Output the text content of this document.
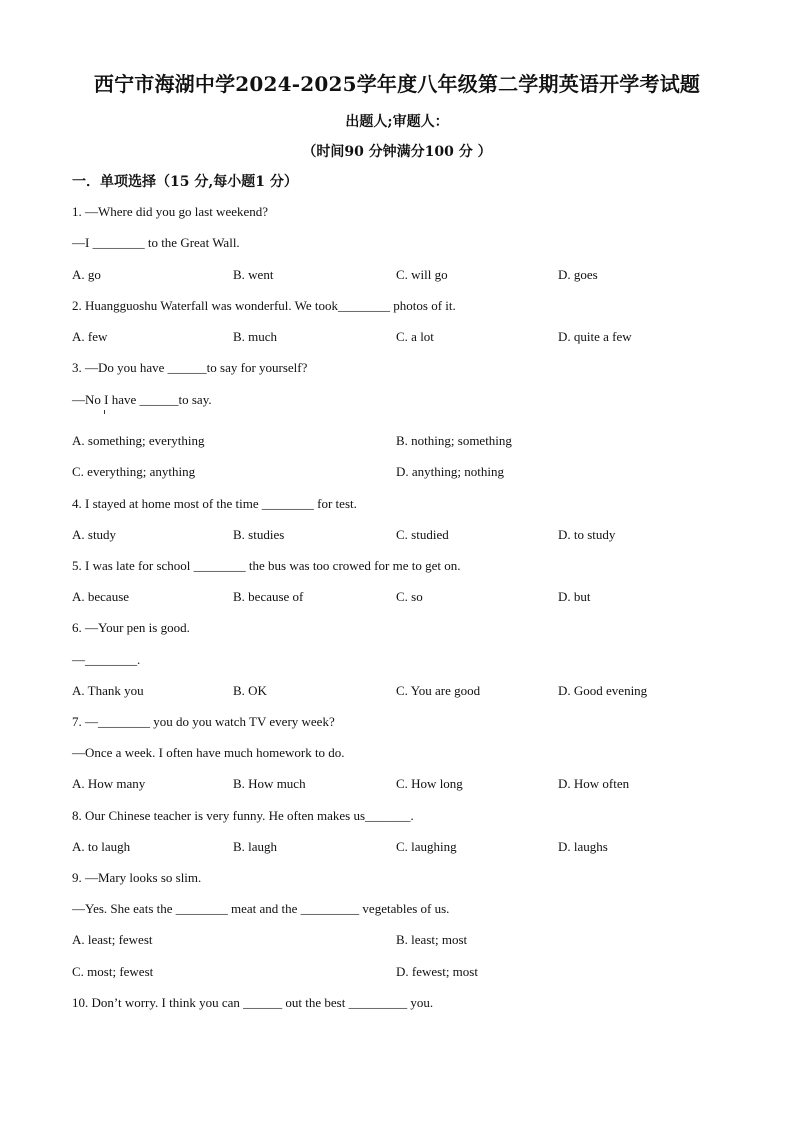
西宁市海湖中学2024-2025学年度八年级第二学期英语开学考试题
出题人;审题人：
（时间90 分钟满分100 分 ）
一．单项选择（15 分,每小题1 分）
1. —Where did you go last weekend?
—I ________ to the Great Wall.
A. go	B. went	C. will go	D. goes
2. Huangguoshu Waterfall was wonderful. We took________ photos of it.
A. few	B. much	C. a lot	D. quite a few
3. —Do you have ______to say for yourself?
—No I have ______to say.
A. something; everything	B. nothing; something
C. everything; anything	D. anything; nothing
4. I stayed at home most of the time ________ for test.
A. study	B. studies	C. studied	D. to study
5. I was late for school ________ the bus was too crowed for me to get on.
A. because	B. because of	C. so	D. but
6. —Your pen is good.
—________.
A. Thank you	B. OK	C. You are good	D. Good evening
7. —________ you do you watch TV every week?
—Once a week. I often have much homework to do.
A. How many	B. How much	C. How long	D. How often
8. Our Chinese teacher is very funny. He often makes us_______.
A. to laugh	B. laugh	C. laughing	D. laughs
9. —Mary looks so slim.
—Yes. She eats the ________ meat and the _________ vegetables of us.
A. least; fewest	B. least; most
C. most; fewest	D. fewest; most
10. Don’t worry. I think you can ______ out the best _________ you.
